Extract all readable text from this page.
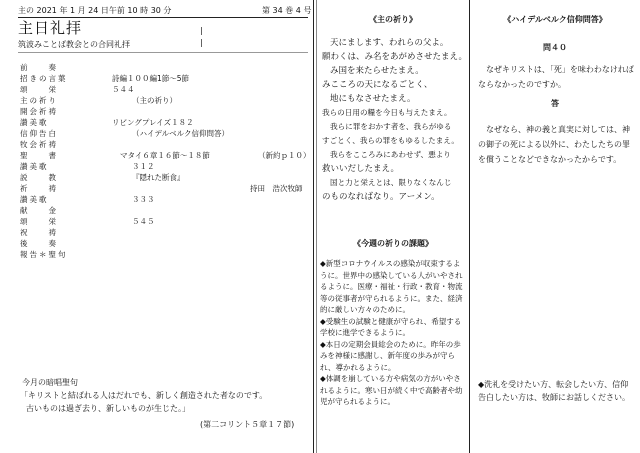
主の 2021 年 1 月 24 日午前 10 時 30 分	第 34 巻 4 号
主日礼拝
筑波みことば教会との合同礼拝
|
|
前　　奏
招きの言葉	詩編１００編1節〜5節
頌　　栄	５４４
主の祈り	（主の祈り）
開会祈祷
讃美歌	リビングプレイズ１８２
信仰告白	（ハイデルベルク信仰問答）
牧会祈祷
聖　　書	マタイ６章１６節〜１８節	（新約ｐ１０）
讃美歌	３１２
説　　教	『隠れた断食』
祈　　祷	持田　浩次牧師
讃美歌	３３３
献　　金
頌　　栄	５４５
祝　　祷
後　　奏
報告＊聖句
今月の暗唱聖句
「キリストと結ばれる人はだれでも、新しく創造された者なのです。
古いものは過ぎ去り、新しいものが生じた。」
(第二コリント５章１７節)
《主の祈り》

天にまします、われらの父よ。

願わくは、み名をあがめさせたまえ。

み国を来たらせたまえ。

みこころの天になるごとく、

地にもなさせたまえ。

我らの日用の糧を今日も与えたまえ。

我らに罪をおかす者を、我らがゆる

すごとく、我らの罪をもゆるしたまえ。

我らをこころみにあわせず、悪より

救いいだしたまえ。

国と力と栄えとは、限りなくなんじ

のものなればなり。アーメン。

《今週の祈りの課題》

◆新型コロナウイルスの感染が収束するように。世界中の感染している人がいやされるように。医療・福祉・行政・教育・物流等の従事者が守られるように。また、経済的に厳しい方々のために。

◆受験生の試験と健康が守られ、希望する学校に進学できるように。

◆本日の定期会員総会のために。昨年の歩みを神様に感謝し、新年度の歩みが守られ、導かれるように。

◆体調を崩している方や病気の方がいやされるように。寒い日が続く中で高齢者や幼児が守られるように。

《ハイデルベルク信仰問答》
問４０
なぜキリストは、「死」を味わわなければならなかったのですか。
答
なぜなら、神の義と真実に対しては、神の御子の死による以外に、わたしたちの罪を償うことなどできなかったからです。
◆洗礼を受けたい方、転会したい方、信仰告白したい方は、牧師にお話しください。
